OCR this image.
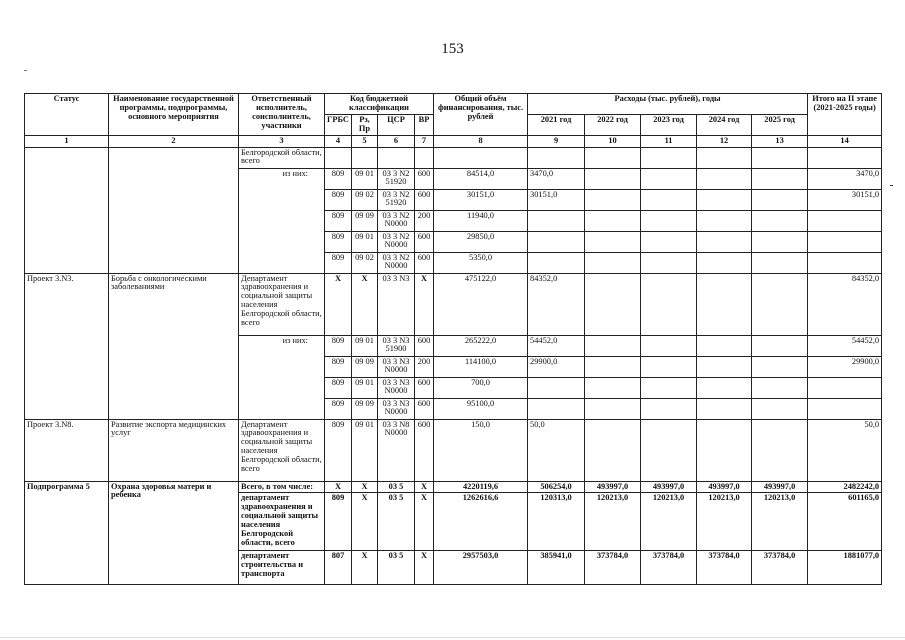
153
Статус	Наименование государственной программы, подпрограммы, основного мероприятия	Ответственный исполнитель, соисполнитель, участники	Код бюджетной классификации				Общий объём финансирования, тыс. рублей	Расходы (тыс. рублей), годы					Итого на II этапе (2021-2025 годы)
			ГРБС	Рз, Пр	ЦСР	ВР		2021 год	2022 год	2023 год	2024 год	2025 год	
1	2	3	4	5	6	7	8	9	10	11	12	13	14
		Белгородской области, всего											
		из них:	809	09 01	03 3 N2 51920	600	84514,0	3470,0					3470,0
			809	09 02	03 3 N2 51920	600	30151,0	30151,0					30151,0
			809	09 09	03 3 N2 N0000	200	11940,0						
			809	09 01	03 3 N2 N0000	600	29850,0						
			809	09 02	03 3 N2 N0000	600	5350,0						
Проект 3.N3.	Борьба с онкологическими заболеваниями	Департамент здравоохранения и социальной защиты населения Белгородской области, всего	Х	Х	03 3 N3	Х	475122,0	84352,0					84352,0
		из них:	809	09 01	03 3 N3 51900	600	265222,0	54452,0					54452,0
			809	09 09	03 3 N3 N0000	200	114100,0	29900,0					29900,0
			809	09 01	03 3 N3 N0000	600	700,0						
			809	09 09	03 3 N3 N0000	600	95100,0						
Проект 3.N8.	Развитие экспорта медицинских услуг	Департамент здравоохранения и социальной защиты населения Белгородской области, всего	809	09 01	03 3 N8 N0000	600	150,0	50,0					50,0
Подпрограмма 5	Охрана здоровья матери и ребенка	Всего, в том числе:	Х	Х	03 5	Х	4220119,6	506254,0	493997,0	493997,0	493997,0	493997,0	2482242,0
		департамент здравоохранения и социальной защиты населения Белгородской области, всего	809	Х	03 5	Х	1262616,6	120313,0	120213,0	120213,0	120213,0	120213,0	601165,0
		департамент строительства и транспорта	807	Х	03 5	Х	2957503,0	385941,0	373784,0	373784,0	373784,0	373784,0	1881077,0
